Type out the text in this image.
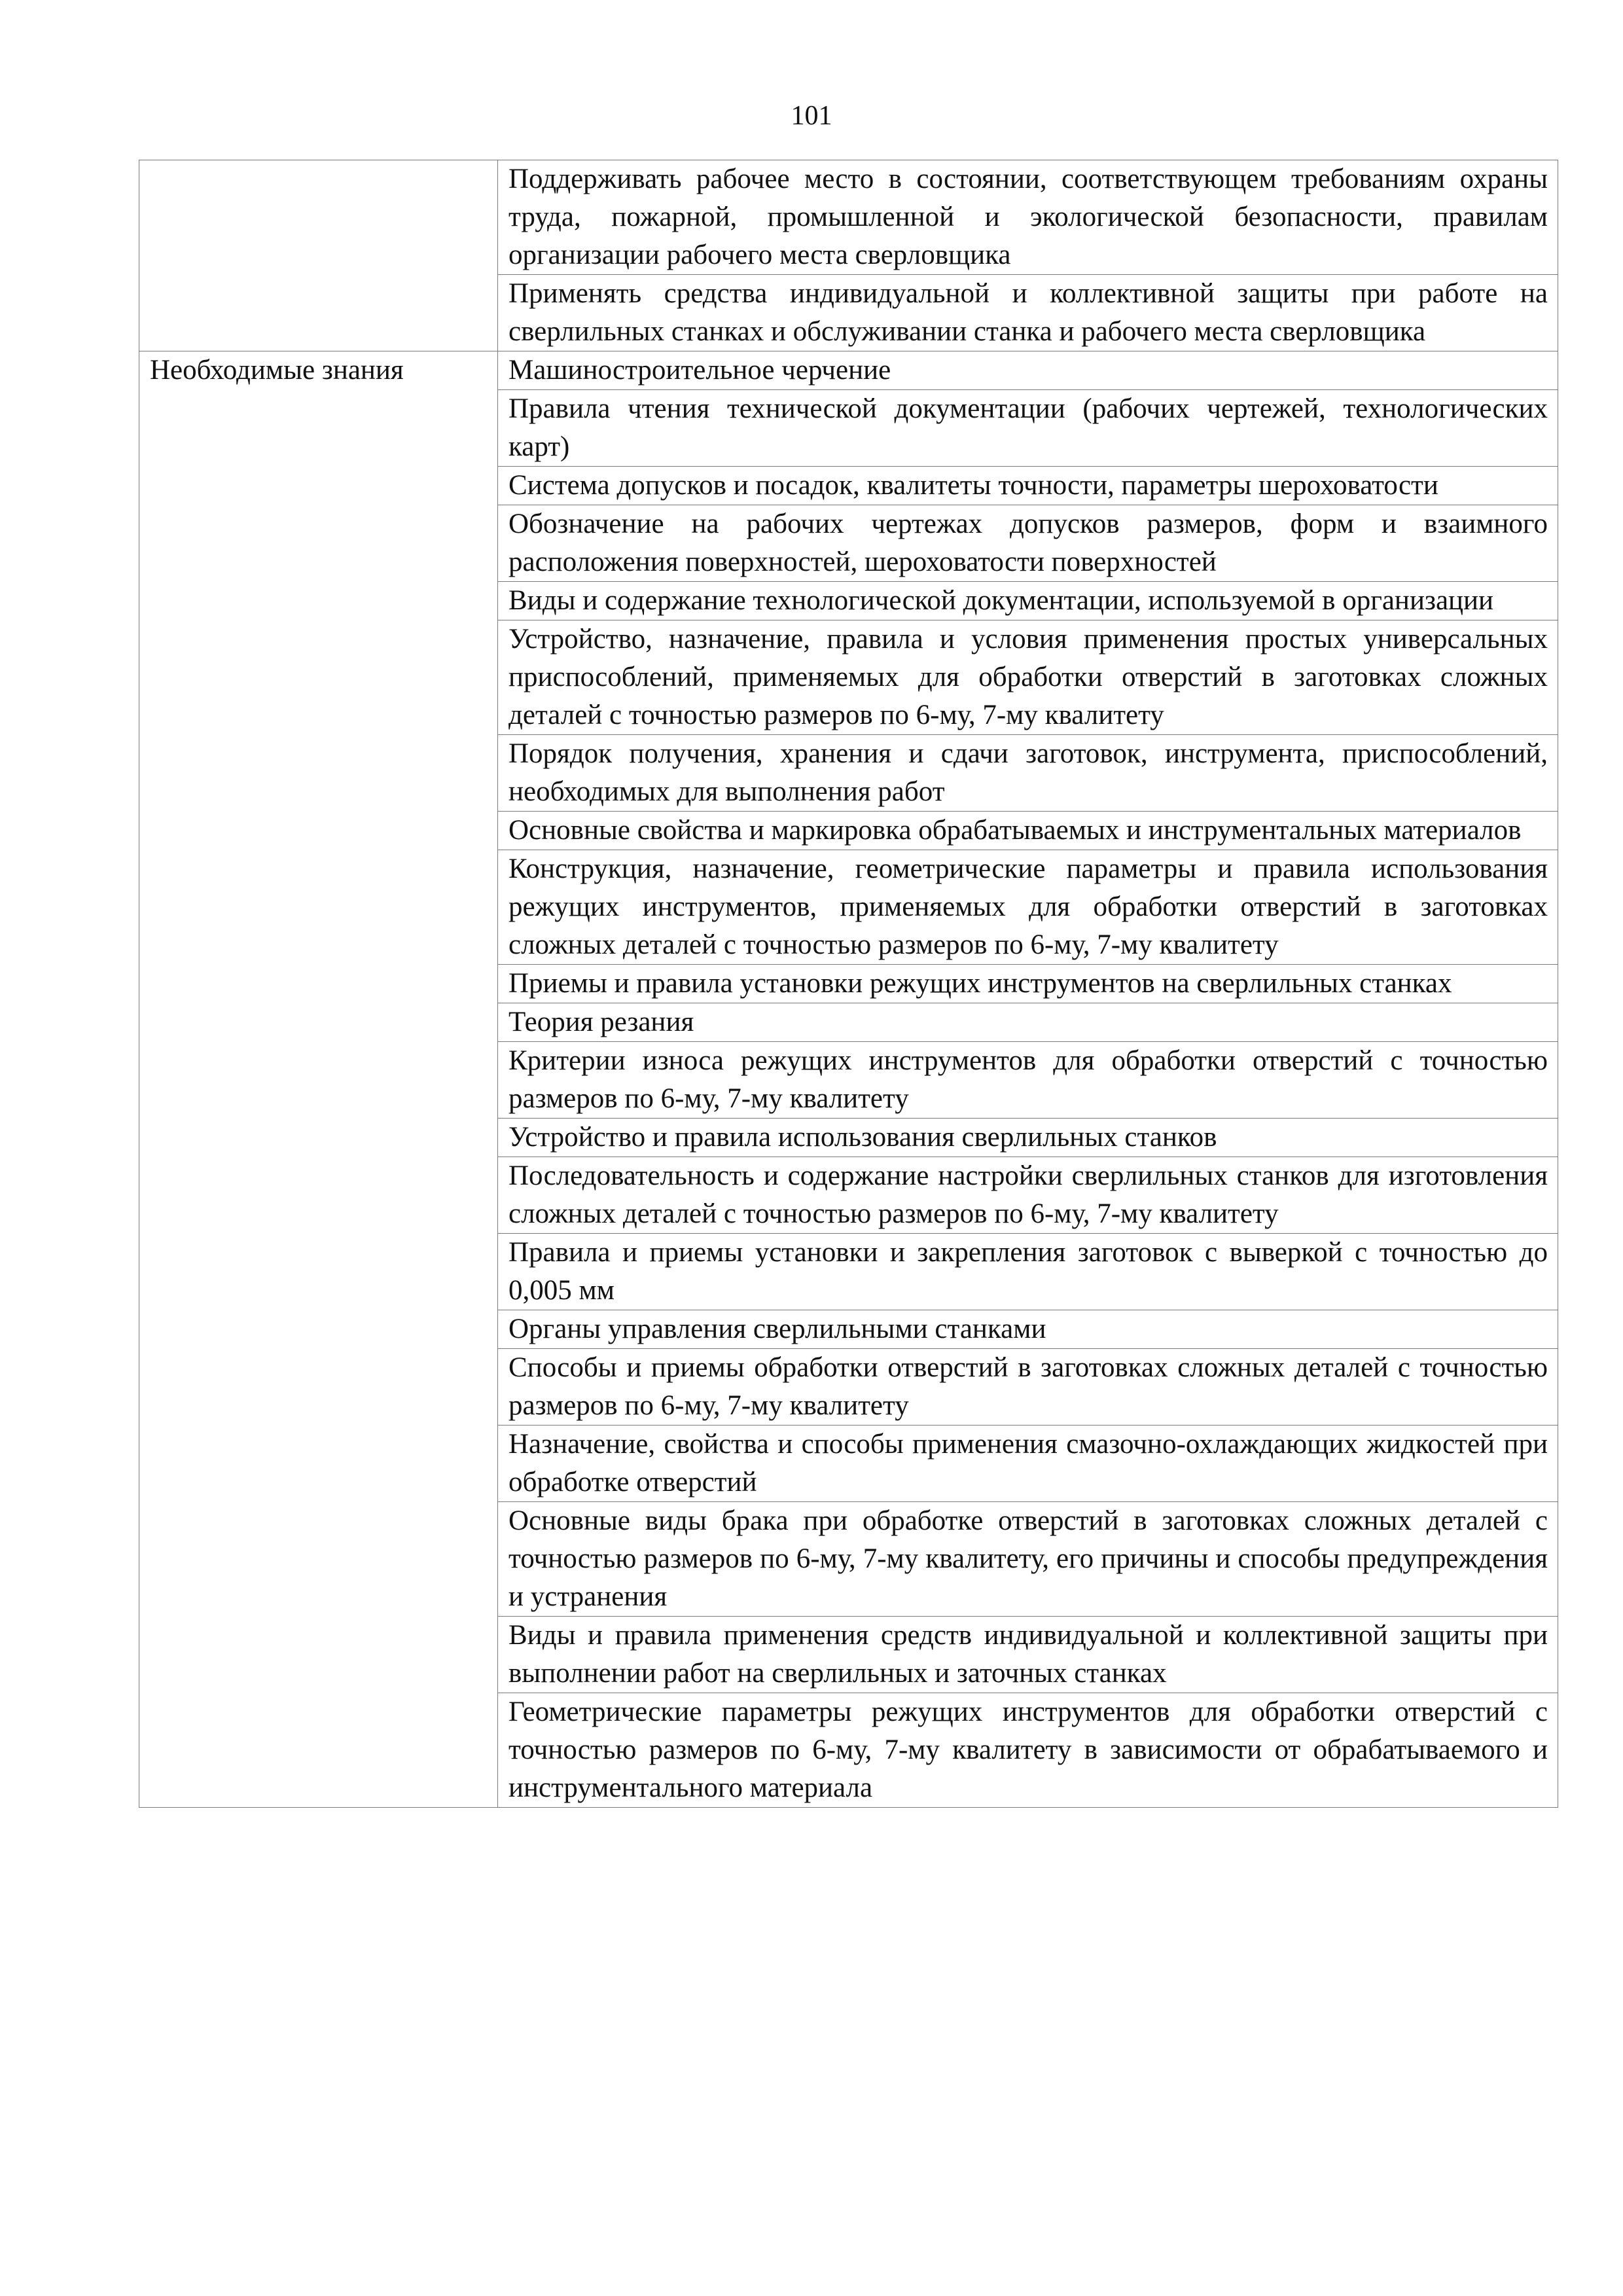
101
	Поддерживать рабочее место в состоянии, соответствующем требованиям охраны труда, пожарной, промышленной и экологической безопасности, правилам организации рабочего места сверловщика
	Применять средства индивидуальной и коллективной защиты при работе на сверлильных станках и обслуживании станка и рабочего места сверловщика
Необходимые знания	Машиностроительное черчение
	Правила чтения технической документации (рабочих чертежей, технологических карт)
	Система допусков и посадок, квалитеты точности, параметры шероховатости
	Обозначение на рабочих чертежах допусков размеров, форм и взаимного расположения поверхностей, шероховатости поверхностей
	Виды и содержание технологической документации, используемой в организации
	Устройство, назначение, правила и условия применения простых универсальных приспособлений, применяемых для обработки отверстий в заготовках сложных деталей с точностью размеров по 6-му, 7-му квалитету
	Порядок получения, хранения и сдачи заготовок, инструмента, приспособлений, необходимых для выполнения работ
	Основные свойства и маркировка обрабатываемых и инструментальных материалов
	Конструкция, назначение, геометрические параметры и правила использования режущих инструментов, применяемых для обработки отверстий в заготовках сложных деталей с точностью размеров по 6-му, 7-му квалитету
	Приемы и правила установки режущих инструментов на сверлильных станках
	Теория резания
	Критерии износа режущих инструментов для обработки отверстий с точностью размеров по 6-му, 7-му квалитету
	Устройство и правила использования сверлильных станков
	Последовательность и содержание настройки сверлильных станков для изготовления сложных деталей с точностью размеров по 6-му, 7-му квалитету
	Правила и приемы установки и закрепления заготовок с выверкой с точностью до 0,005 мм
	Органы управления сверлильными станками
	Способы и приемы обработки отверстий в заготовках сложных деталей с точностью размеров по 6-му, 7-му квалитету
	Назначение, свойства и способы применения смазочно-охлаждающих жидкостей при обработке отверстий
	Основные виды брака при обработке отверстий в заготовках сложных деталей с точностью размеров по 6-му, 7-му квалитету, его причины и способы предупреждения и устранения
	Виды и правила применения средств индивидуальной и коллективной защиты при выполнении работ на сверлильных и заточных станках
	Геометрические параметры режущих инструментов для обработки отверстий с точностью размеров по 6-му, 7-му квалитету в зависимости от обрабатываемого и инструментального материала
